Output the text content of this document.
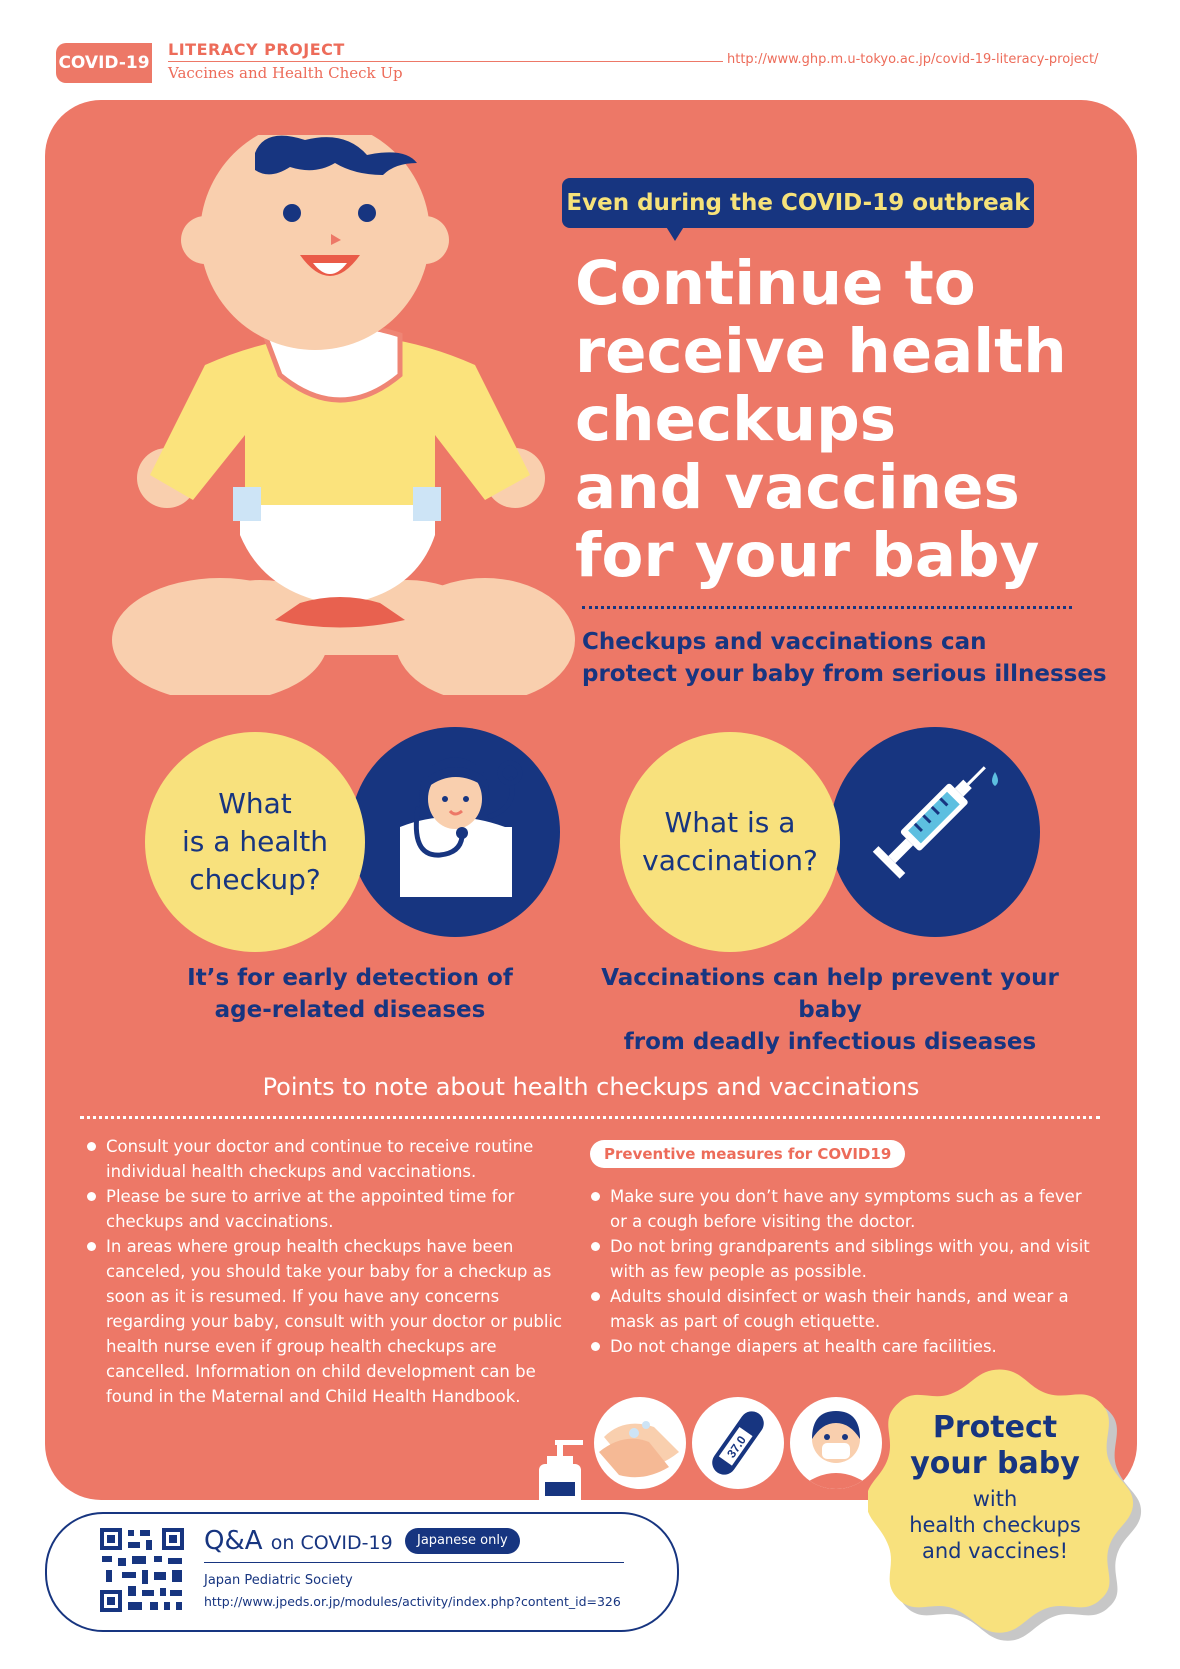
COVID-19
LITERACY PROJECT
Vaccines and Health Check Up
http://www.ghp.m.u-tokyo.ac.jp/covid-19-literacy-project/
Even during the COVID-19 outbreak
Continue to
receive health
checkups
and vaccines
for your baby
Checkups and vaccinations can
protect your baby from serious illnesses
What
is a health
checkup?
It’s for early detection of
age-related diseases
What is a
vaccination?
Vaccinations can help prevent your baby
from deadly infectious diseases
Points to note about health checkups and vaccinations
Consult your doctor and continue to receive routine individual health checkups and vaccinations.
Please be sure to arrive at the appointed time for checkups and vaccinations.
In areas where group health checkups have been canceled, you should take your baby for a checkup as soon as it is resumed. If you have any concerns regarding your baby, consult with your doctor or public health nurse even if group health checkups are cancelled. Information on child development can be found in the Maternal and Child Health Handbook.
Preventive measures for COVID19
Make sure you don’t have any symptoms such as a fever or a cough before visiting the doctor.
Do not bring grandparents and siblings with you, and visit with as few people as possible.
Adults should disinfect or wash their hands, and wear a mask as part of cough etiquette.
Do not change diapers at health care facilities.
37.0
Protect
your baby
with
health checkups
and vaccines!
Q&A on COVID-19	Japanese only
Japan Pediatric Society
http://www.jpeds.or.jp/modules/activity/index.php?content_id=326
